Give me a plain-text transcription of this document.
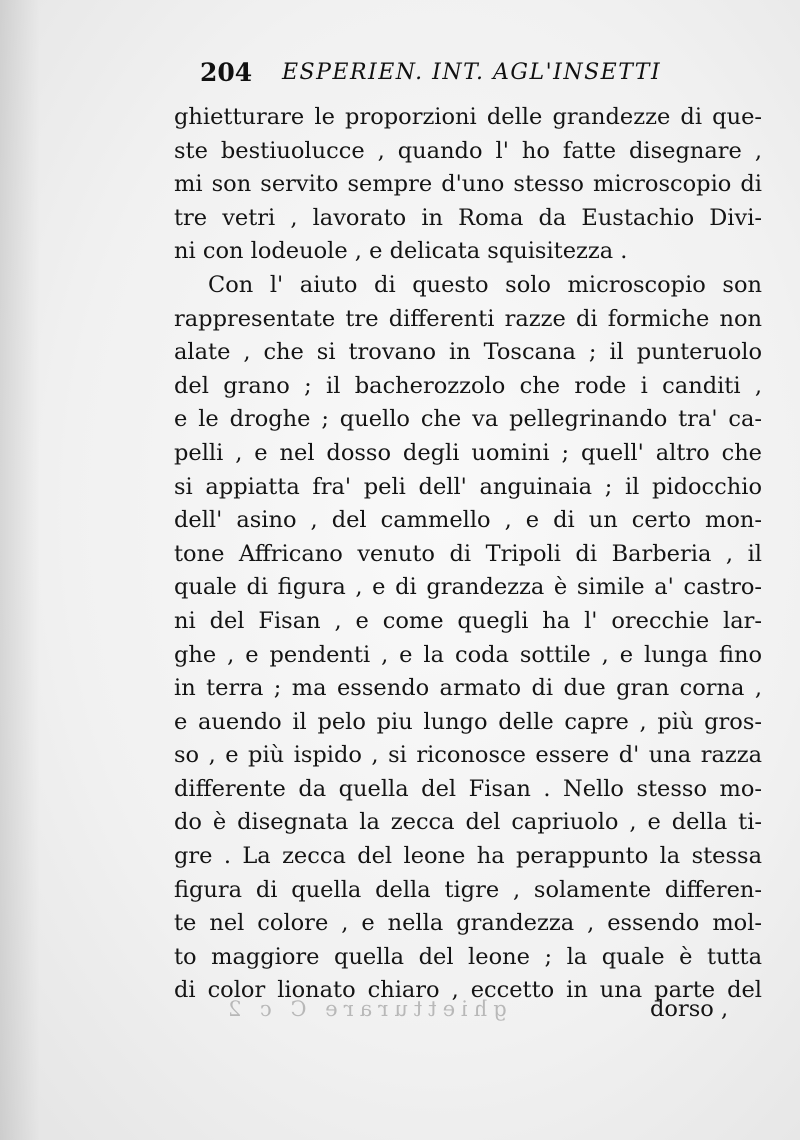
204 ESPERIEN. INT. AGL'INSETTI
ghietturare le proporzioni delle grandezze di que-
ste bestiuolucce , quando l' ho fatte disegnare ,
mi son servito sempre d'uno stesso microscopio di
tre vetri , lavorato in Roma da Eustachio Divi-
ni con lodeuole , e delicata squisitezza .
Con l' aiuto di questo solo microscopio son
rappresentate tre differenti razze di formiche non
alate , che si trovano in Toscana ; il punteruolo
del grano ; il bacherozzolo che rode i canditi ,
e le droghe ; quello che va pellegrinando tra' ca-
pelli , e nel dosso degli uomini ; quell' altro che
si appiatta fra' peli dell' anguinaia ; il pidocchio
dell' asino , del cammello , e di un certo mon-
tone Affricano venuto di Tripoli di Barberia , il
quale di figura , e di grandezza è simile a' castro-
ni del Fisan , e come quegli ha l' orecchie lar-
ghe , e pendenti , e la coda sottile , e lunga fino
in terra ; ma essendo armato di due gran corna ,
e auendo il pelo piu lungo delle capre , più gros-
so , e più ispido , si riconosce essere d' una razza
differente da quella del Fisan . Nello stesso mo-
do è disegnata la zecca del capriuolo , e della ti-
gre . La zecca del leone ha perappunto la stessa
figura di quella della tigre , solamente differen-
te nel colore , e nella grandezza , essendo mol-
to maggiore quella del leone ; la quale è tutta
di color lionato chiaro , eccetto in una parte del
ghietturare C c 2	dorso ,
